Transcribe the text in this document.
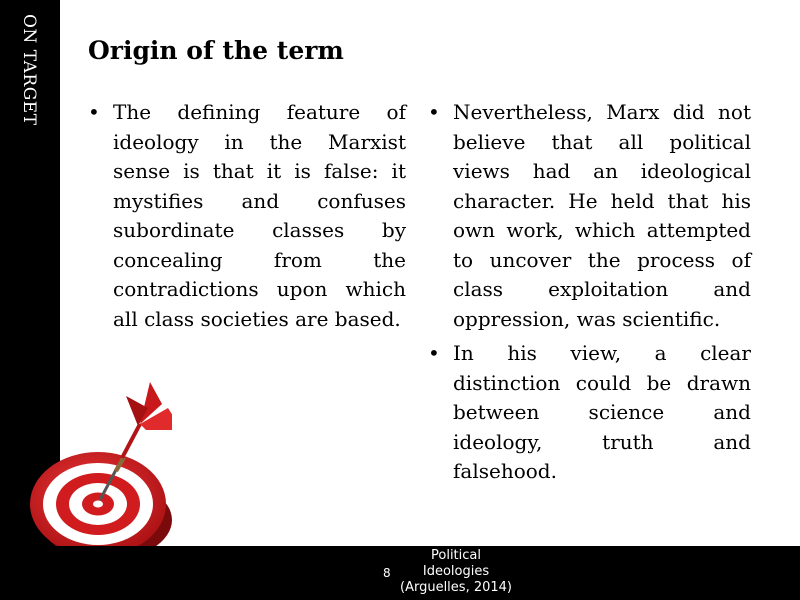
ON TARGET Origin of the term
• The defining feature of ideology in the Marxist sense is that it is false: it mystifies and confuses subordinate classes by concealing from the contradictions upon which all class societies are based.
• Nevertheless, Marx did not believe that all political views had an ideological character. He held that his own work, which attempted to uncover the process of class exploitation and oppression, was scientific.
• In his view, a clear distinction could be drawn between science and ideology, truth and falsehood.
8
Political
Ideologies
(Arguelles, 2014)
